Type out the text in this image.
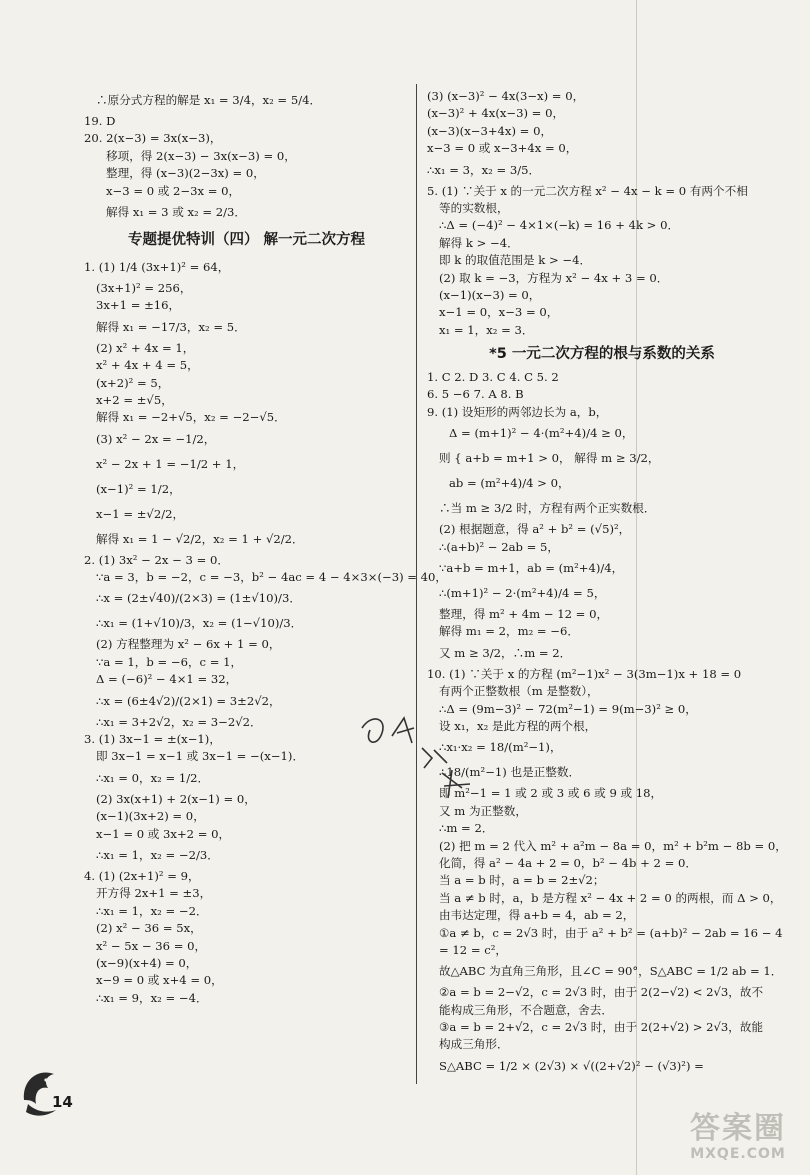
∴原分式方程的解是 x₁ = 3/4，x₂ = 5/4．
19. D
20. 2(x−3) = 3x(x−3)，
移项，得 2(x−3) − 3x(x−3) = 0，
整理，得 (x−3)(2−3x) = 0，
x−3 = 0 或 2−3x = 0，
解得 x₁ = 3 或 x₂ = 2/3．
专题提优特训（四） 解一元二次方程
1. (1) 1/4 (3x+1)² = 64，
(3x+1)² = 256，
3x+1 = ±16，
解得 x₁ = −17/3，x₂ = 5．
(2) x² + 4x = 1，
x² + 4x + 4 = 5，
(x+2)² = 5，
x+2 = ±√5，
解得 x₁ = −2+√5，x₂ = −2−√5．
(3) x² − 2x = −1/2，
x² − 2x + 1 = −1/2 + 1，
(x−1)² = 1/2，
x−1 = ±√2/2，
解得 x₁ = 1 − √2/2，x₂ = 1 + √2/2．
2. (1) 3x² − 2x − 3 = 0．
∵a = 3，b = −2，c = −3，b² − 4ac = 4 − 4×3×(−3) = 40，
∴x = (2±√40)/(2×3) = (1±√10)/3．
∴x₁ = (1+√10)/3，x₂ = (1−√10)/3．
(2) 方程整理为 x² − 6x + 1 = 0，
∵a = 1，b = −6，c = 1，
Δ = (−6)² − 4×1 = 32，
∴x = (6±4√2)/(2×1) = 3±2√2，
∴x₁ = 3+2√2，x₂ = 3−2√2．
3. (1) 3x−1 = ±(x−1)，
即 3x−1 = x−1 或 3x−1 = −(x−1)．
∴x₁ = 0，x₂ = 1/2．
(2) 3x(x+1) + 2(x−1) = 0，
(x−1)(3x+2) = 0，
x−1 = 0 或 3x+2 = 0，
∴x₁ = 1，x₂ = −2/3．
4. (1) (2x+1)² = 9，
开方得 2x+1 = ±3，
∴x₁ = 1，x₂ = −2．
(2) x² − 36 = 5x，
x² − 5x − 36 = 0，
(x−9)(x+4) = 0，
x−9 = 0 或 x+4 = 0，
∴x₁ = 9，x₂ = −4．
(3) (x−3)² − 4x(3−x) = 0，
(x−3)² + 4x(x−3) = 0，
(x−3)(x−3+4x) = 0，
x−3 = 0 或 x−3+4x = 0，
∴x₁ = 3，x₂ = 3/5．
5. (1) ∵关于 x 的一元二次方程 x² − 4x − k = 0 有两个不相
等的实数根，
∴Δ = (−4)² − 4×1×(−k) = 16 + 4k > 0．
解得 k > −4．
即 k 的取值范围是 k > −4．
(2) 取 k = −3，方程为 x² − 4x + 3 = 0．
(x−1)(x−3) = 0，
x−1 = 0，x−3 = 0，
x₁ = 1，x₂ = 3．
*5 一元二次方程的根与系数的关系
1. C 2. D 3. C 4. C 5. 2
6. 5 −6 7. A 8. B
9. (1) 设矩形的两邻边长为 a，b，
Δ = (m+1)² − 4·(m²+4)/4 ≥ 0，
则 { a+b = m+1 > 0， 解得 m ≥ 3/2，
ab = (m²+4)/4 > 0，
∴当 m ≥ 3/2 时，方程有两个正实数根．
(2) 根据题意，得 a² + b² = (√5)²，
∴(a+b)² − 2ab = 5，
∵a+b = m+1，ab = (m²+4)/4，
∴(m+1)² − 2·(m²+4)/4 = 5，
整理，得 m² + 4m − 12 = 0，
解得 m₁ = 2，m₂ = −6．
又 m ≥ 3/2，∴m = 2．
10. (1) ∵关于 x 的方程 (m²−1)x² − 3(3m−1)x + 18 = 0
有两个正整数根（m 是整数），
∴Δ = (9m−3)² − 72(m²−1) = 9(m−3)² ≥ 0，
设 x₁，x₂ 是此方程的两个根，
∴x₁·x₂ = 18/(m²−1)，
∴18/(m²−1) 也是正整数．
即 m²−1 = 1 或 2 或 3 或 6 或 9 或 18，
又 m 为正整数，
∴m = 2．
(2) 把 m = 2 代入 m² + a²m − 8a = 0，m² + b²m − 8b = 0，
化简，得 a² − 4a + 2 = 0，b² − 4b + 2 = 0．
当 a = b 时，a = b = 2±√2；
当 a ≠ b 时，a，b 是方程 x² − 4x + 2 = 0 的两根，而 Δ > 0，
由韦达定理，得 a+b = 4，ab = 2，
①a ≠ b，c = 2√3 时，由于 a² + b² = (a+b)² − 2ab = 16 − 4
= 12 = c²，
故△ABC 为直角三角形，且∠C = 90°，S△ABC = 1/2 ab = 1．
②a = b = 2−√2，c = 2√3 时，由于 2(2−√2) < 2√3，故不
能构成三角形，不合题意，舍去．
③a = b = 2+√2，c = 2√3 时，由于 2(2+√2) > 2√3，故能
构成三角形．
S△ABC = 1/2 × (2√3) × √((2+√2)² − (√3)²) =
14
答案圈
MXQE.COM
